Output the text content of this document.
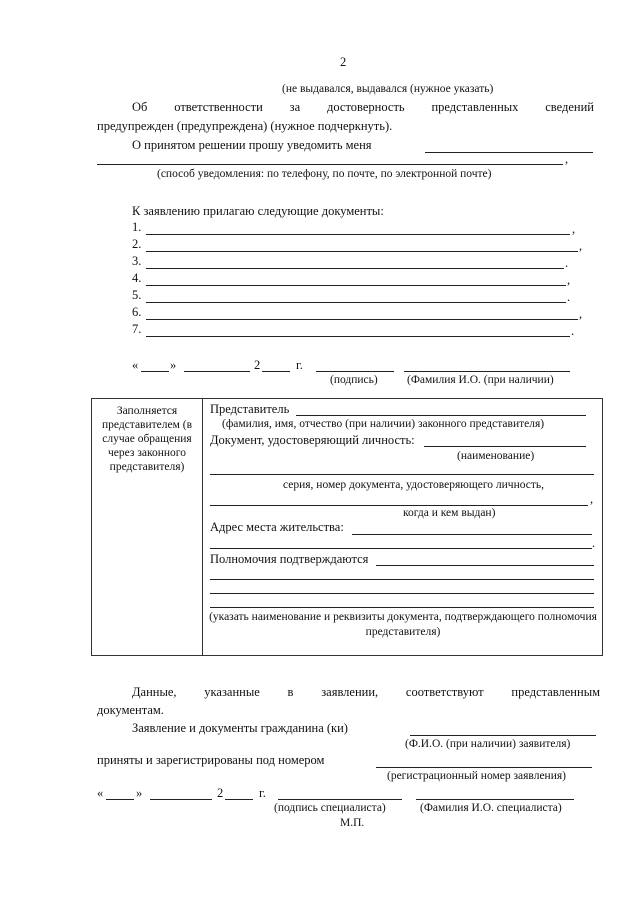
2
(не выдавался, выдавался (нужное указать)
Об ответственности за достоверность представленных сведений
предупрежден (предупреждена) (нужное подчеркнуть).
О принятом решении прошу уведомить меня
,
(способ уведомления: по телефону, по почте, по электронной почте)
К заявлению прилагаю следующие документы:
1.	,
2.	,
3.	.
4.	,
5.	.
6.	,
7.	.
«	»	2	г.
(подпись)	(Фамилия И.О. (при наличии)
Заполняется представителем (в случае обращения через законного представителя)
Представитель
(фамилия, имя, отчество (при наличии) законного представителя)
Документ, удостоверяющий личность:
(наименование)
серия, номер документа, удостоверяющего личность,
,
когда и кем выдан)
Адрес места жительства:
.
Полномочия подтверждаются
(указать наименование и реквизиты документа, подтверждающего полномочия представителя)
Данные, указанные в заявлении, соответствуют представленным
документам.
Заявление и документы гражданина (ки)
(Ф.И.О. (при наличии) заявителя)
приняты и зарегистрированы под номером
(регистрационный номер заявления)
«	»	2	г.
(подпись специалиста)	(Фамилия И.О. специалиста)
М.П.
